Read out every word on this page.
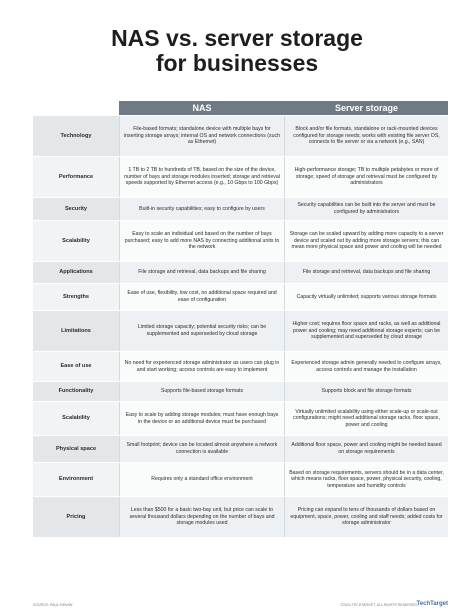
NAS vs. server storage
for businesses
	NAS	Server storage
Technology	File-based formats; standalone device with multiple bays for inserting storage arrays; internal OS and network connections (such as Ethernet)	Block and/or file formats, standalone or rack-mounted devices configured for storage needs; works with existing file server OS, connects to file server or via a network (e.g., SAN)
Performance	1 TB to 2 TB to hundreds of TB, based on the size of the device, number of bays and storage modules inserted; storage and retrieval speeds supported by Ethernet access (e.g., 10 Gbps to 100 Gbps)	High-performance storage; TB to multiple petabytes or more of storage; speed of storage and retrieval must be configured by administrators
Security	Built-in security capabilities; easy to configure by users	Security capabilities can be built into the server and must be configured by administrators
Scalability	Easy to scale an individual unit based on the number of bays purchased; easy to add more NAS by connecting additional units to the network	Storage can be scaled upward by adding more capacity to a server device and scaled out by adding more storage servers; this can mean more physical space and power and cooling will be needed
Applications	File storage and retrieval, data backups and file sharing	File storage and retrieval, data backups and file sharing
Strengths	Ease of use, flexibility, low cost, no additional space required and ease of configuration	Capacity virtually unlimited; supports various storage formats
Limitations	Limited storage capacity; potential security risks; can be supplemented and superseded by cloud storage	Higher cost; requires floor space and racks, as well as additional power and cooling; may need additional storage experts; can be supplemented and superseded by cloud storage
Ease of use	No need for experienced storage administrator as users can plug in and start working; access controls are easy to implement	Experienced storage admin generally needed to configure arrays, access controls and manage the installation
Functionality	Supports file-based storage formats	Supports block and file storage formats
Scalability	Easy to scale by adding storage modules; must have enough bays in the device or an additional device must be purchased	Virtually unlimited scalability using either scale-up or scale-out configurations; might need additional storage racks, floor space, power and cooling
Physical space	Small footprint; device can be located almost anywhere a network connection is available	Additional floor space, power and cooling might be needed based on storage requirements
Environment	Requires only a standard office environment	Based on storage requirements, servers should be in a data center, which means racks, floor space, power, physical security, cooling, temperature and humidity controls
Pricing	Less than $500 for a basic two-bay unit, but price can scale to several thousand dollars depending on the number of bays and storage modules used	Pricing can expand to tens of thousands of dollars based on equipment, space, power, cooling and staff needs; added costs for storage administrator
SOURCE: PAUL KIRVAN	©2024 TECHTARGET. ALL RIGHTS RESERVED.
TechTarget
